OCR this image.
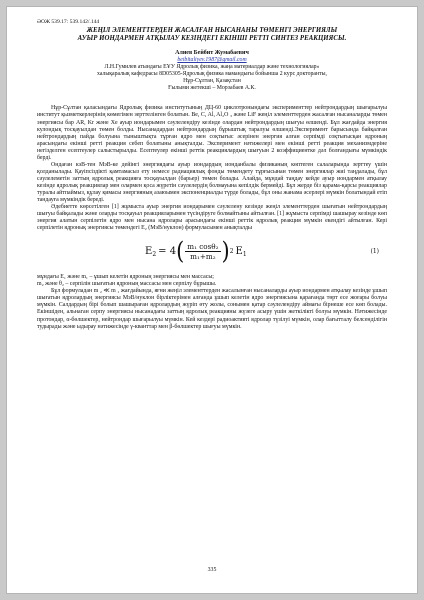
ӘОЖ 539.17: 539.142/.144
ЖЕҢІЛ ЭЛЕМЕНТТЕРДЕН ЖАСАЛҒАН НЫСАНАНЫ ТӨМЕНГІ ЭНЕРГИЯЛЫ
АУЫР ИОНДАРМЕН АТҚЫЛАУ КЕЗІНДЕГІ ЕКІНШІ РЕТТІ СИНТЕЗ РЕАКЦИЯСЫ.
Алиев Бейбит Жумабаевич
beibitaliyev.1987@gmail.com
Л.Н.Гумилев атындағы ЕҰУ Ядролық физика, жаңа материалдар және технологиялар»
халықаралық кафедрасы 8D05305-Ядролық физика мамандығы бойынша 2 курс докторанты,
Нұр-Сұлтан, Қазақстан
Ғылыми жетекші – Мoрзабаев А.К.

Нұр-Сұлтан қаласындағы Ядролық физика институтының ДЦ-60 циклотронындағы эксперименттер нейтрондардың шығарылуы институт қызметкерлерінің көмегімен зерттелінген болатын. Be, C, Al, Al₂O ₃ және LiF жеңіл элементтерден жасалған нысаналарды төмен энергиясы бар AR, Kr және Xe ауыр иондарымен сәулелендіру кезінде олардан нейтрондардың шығуы өлшенді. Бұл жағдайда энергия кулондық тосқауылдан төмен болды. Нысанадардан нейтрондардың бұрыштық таралуы өлшенді.Эксперимент барысында байқалған нейтрондардың пайда болуына тыныштықта тұрған ядро мен соқтығыс әсерінен энергия алған серпімді соқтығысқан ядроның арасындағы екінші ретті реакция себеп болатыны анықталды. Эксперимент нәтижелері мен екінші ретті реакция механизмдеріне негізделген есептеулер салыстырылды. Есептеулер екінші реттік реакциялардың шығуын 2 коэффициентке дәл болғандығы мүмкіндік берді.

Ондаған кэВ-тен МэВ-ке дейінгі энергиядағы ауыр иондардың ионданбалы физиканың көптеген салаларында зерттеу үшін қолданылады. Қауіпсіздікті қамтамасыз ету немесе радиациялық фонды төмендету тұрғысынан төмен энергиялар жиі таңдалады, бұл сәулелеметін заттың ядролық реакцияға тосқауылдан (барьер) төмен болады. Алайда, мұндай таңдау кейде ауыр иондармен атқылау кезінде ядролық реакциялар мен олармен қоса жүретін сәулелердің болмауына кепілдік бермейді. Бұл жерде біз қарама-қарсы реакциялар туралы айтпаймыз, құлау қимасы энергияның азаюымен экспоненциалды түрде болады, бұл оны жанама әсерлері мүмкін болатындай етіп тандауға мүмкіндік береді.

Әдебиетте көрсетілген [1] жұмыста ауыр энергия иондарымен сәулелену кезінде жеңіл элементтерден шығатын нейтрондардың шығуы байқалады және оларды тосқауыл реакцияларымен түсіндіруге болмайтыны айтылған. [1] жұмыста серпімді шашырау кезінде көп энергия алатын серпілетін ядро мен нысана ядролары арасындағы екінші реттік ядролық реакция мүмкін екендігі айтылған. Кері серпілетін ядронық энергиясы төмендегі E₂ (МэВ/нуклон) формуласымен анықталды

$E_2 = 4$ ( $\frac{\text{m₁ cosθ₂}}{\text{m₁+m₂}}$ ) 2 $E_1$	(1)

мұндағы E₁ және m₁ – ұшып келетін ядроның энергиясы мен массасы;

m₂ және θ₂ – серпілін шығатын ядроның массасы мен серпілу бұрышы.

Бұл формуладан m ₂ ≪ m ₁ жағдайында, яғни жеңіл элементтерден жасалынған нысаналарды ауыр иондармен атқылау кезінде ұшып шығатын ядролардың энергиясы МэВ/нуклон бірліктерімен алғанда ұшып келетін ядро энергиясына қарағанда төрт есе жоғары болуы мүмкін. Салдардың бірі болып шашыраған ядролардың жүріп өту жолы, сонымен қатар сәулелендіру аймағы бірнеше есе көп болады. Екіншіден, альнаган серпу энергиясы нысанадағы заттың ядролық реакцияны жүзеге асыру үшін жеткілікті болуы мүмкін. Нәтижесінде протондар, α-бөлшектер, нейтрондар шығарылуы мүмкін. Кей кездері радиоактивті ядролар түзілуі мүмкін, олар бағытталу белсенділігін тудырады және ыдырау нәтижесінде γ-кванттар мен β-бөлшектер шығуы мүмкін.

335
